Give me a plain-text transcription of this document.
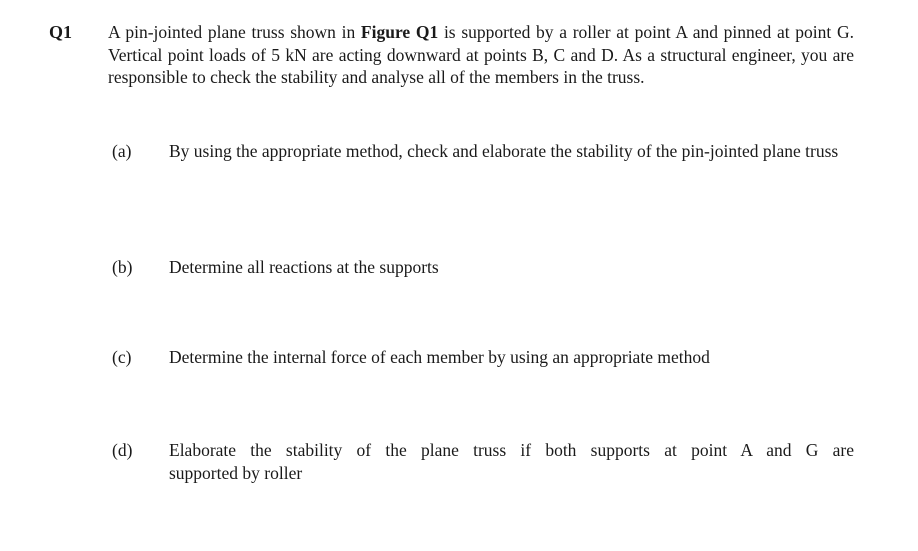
Q1 A pin-jointed plane truss shown in Figure Q1 is supported by a roller at point A and pinned at point G. Vertical point loads of 5 kN are acting downward at points B, C and D. As a structural engineer, you are responsible to check the stability and analyse all of the members in the truss.
(a)	By using the appropriate method, check and elaborate the stability of the pin-jointed plane truss
(b)	Determine all reactions at the supports
(c)	Determine the internal force of each member by using an appropriate method
(d)	Elaborate the stability of the plane truss if both supports at point A and G are
supported by roller
